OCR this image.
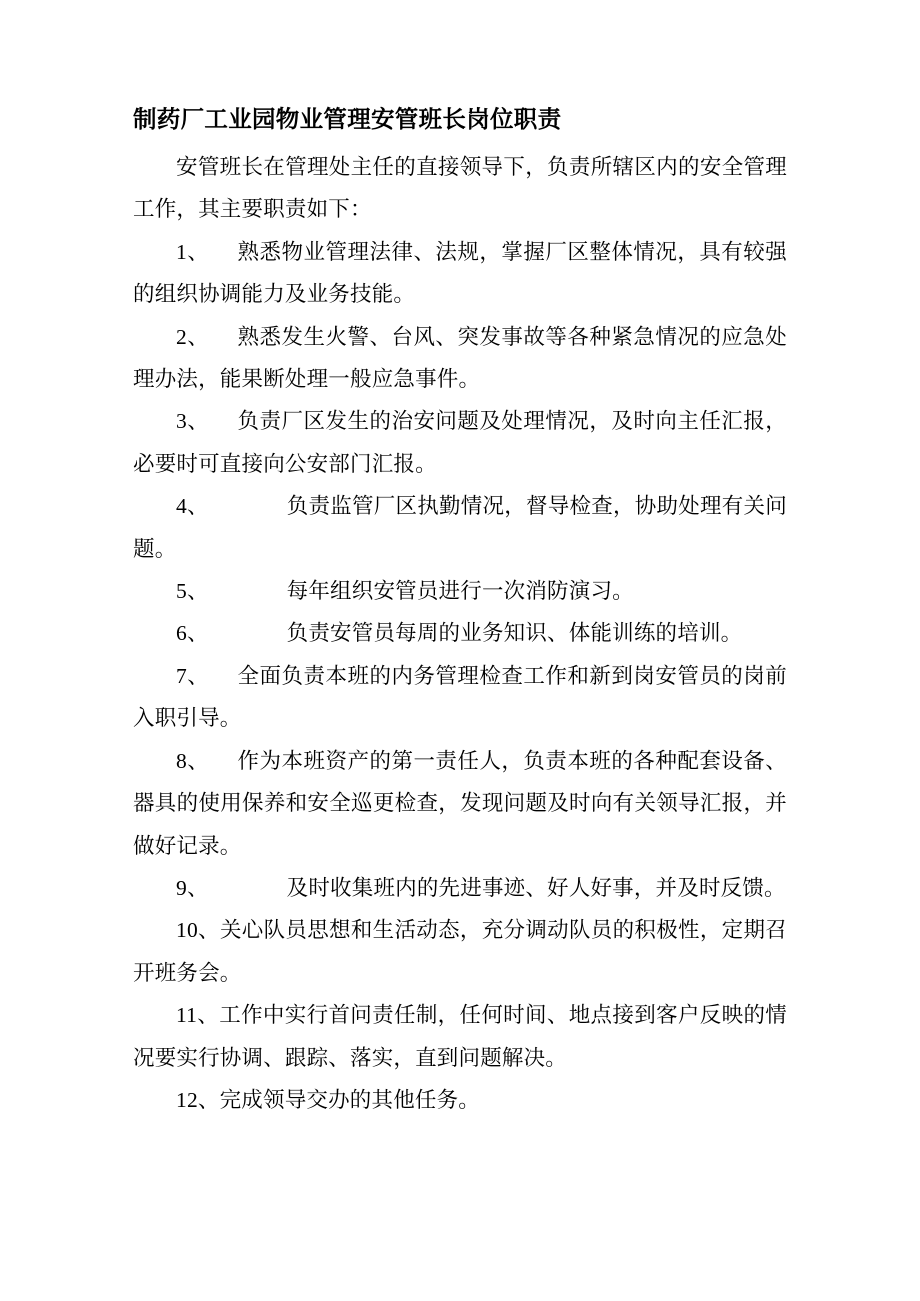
制药厂工业园物业管理安管班长岗位职责

安管班长在管理处主任的直接领导下，负责所辖区内的安全管理工作，其主要职责如下：

1、 熟悉物业管理法律、法规，掌握厂区整体情况，具有较强的组织协调能力及业务技能。

2、 熟悉发生火警、台风、突发事故等各种紧急情况的应急处理办法，能果断处理一般应急事件。

3、 负责厂区发生的治安问题及处理情况，及时向主任汇报，必要时可直接向公安部门汇报。

4、	负责监管厂区执勤情况，督导检查，协助处理有关问题。

5、	每年组织安管员进行一次消防演习。

6、	负责安管员每周的业务知识、体能训练的培训。

7、 全面负责本班的内务管理检查工作和新到岗安管员的岗前入职引导。

8、 作为本班资产的第一责任人，负责本班的各种配套设备、器具的使用保养和安全巡更检查，发现问题及时向有关领导汇报，并做好记录。

9、	及时收集班内的先进事迹、好人好事，并及时反馈。

10、关心队员思想和生活动态，充分调动队员的积极性，定期召开班务会。

11、工作中实行首问责任制，任何时间、地点接到客户反映的情况要实行协调、跟踪、落实，直到问题解决。

12、完成领导交办的其他任务。
